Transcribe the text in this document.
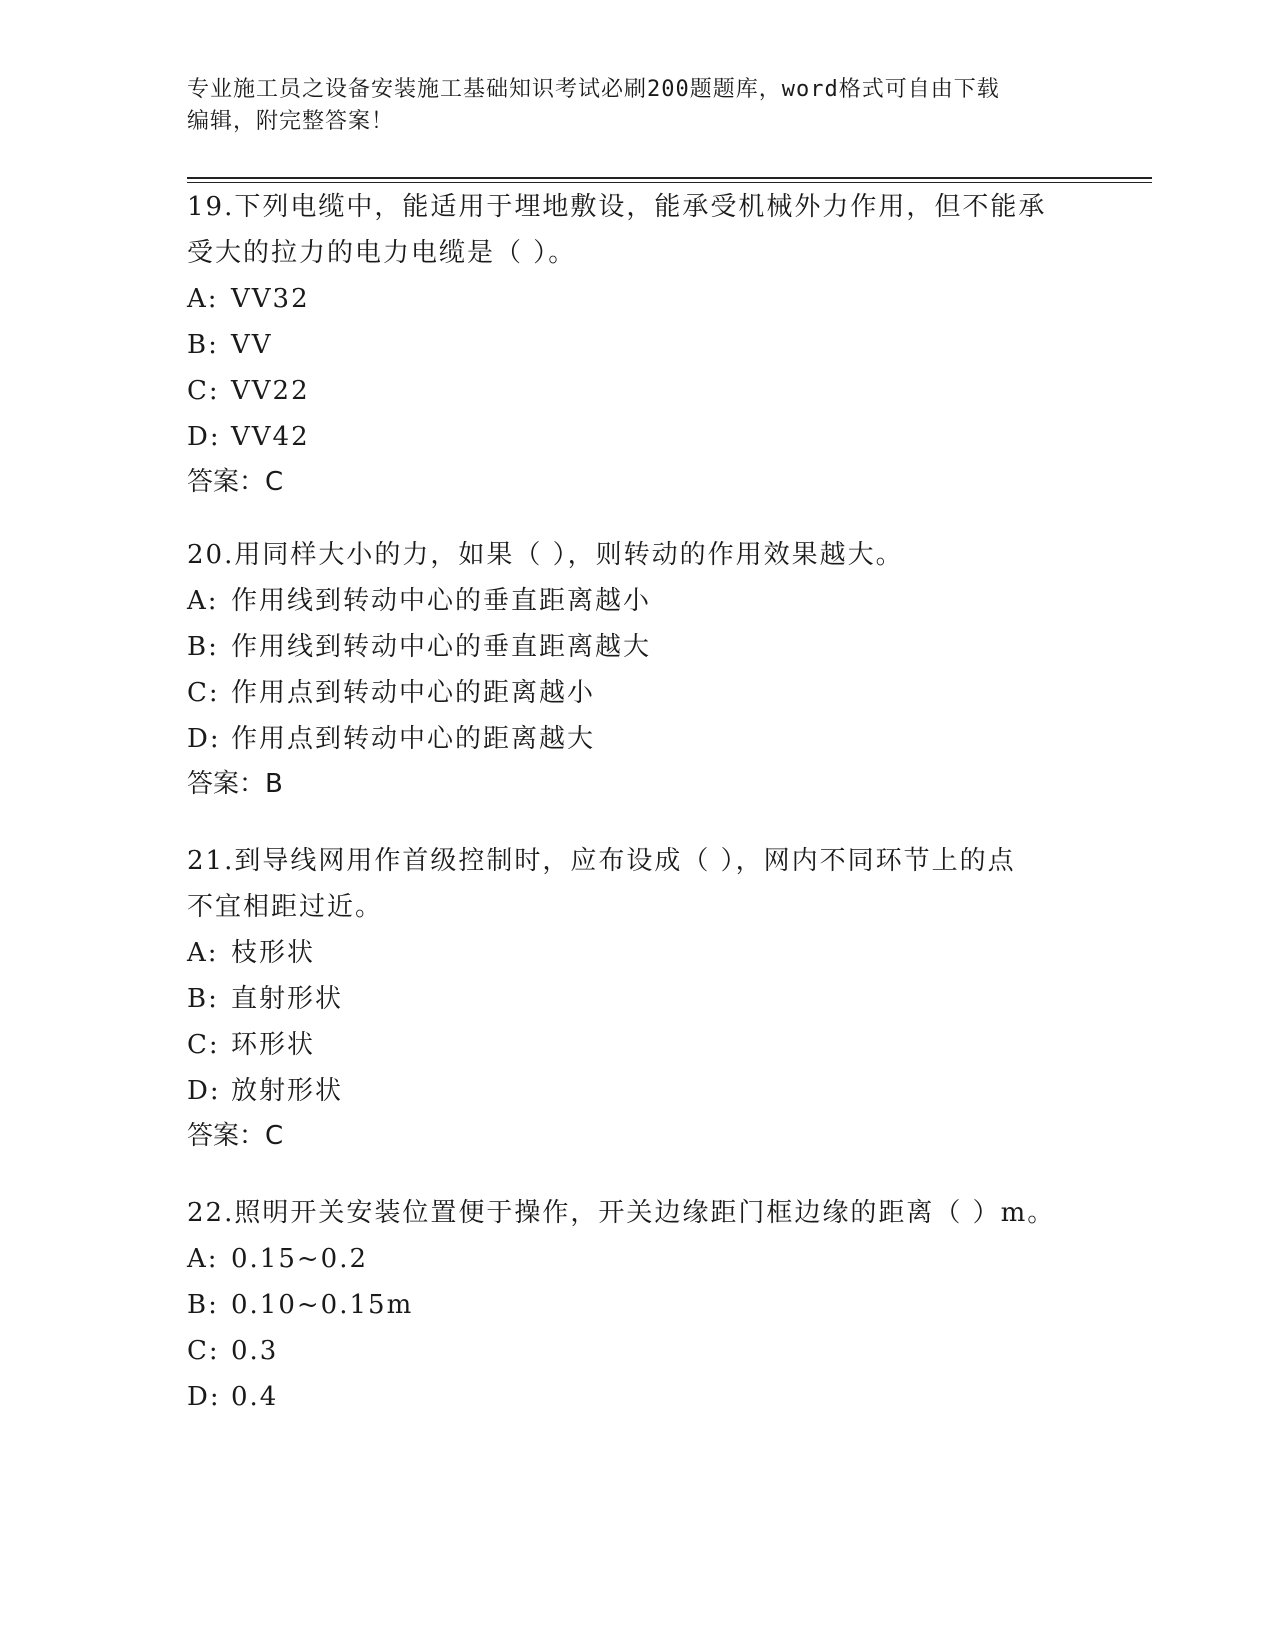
专业施工员之设备安装施工基础知识考试必刷200题题库，word格式可自由下载
编辑，附完整答案！
19.下列电缆中，能适用于埋地敷设，能承受机械外力作用，但不能承
受大的拉力的电力电缆是（ ）。
A: VV32
B: VV
C: VV22
D: VV42
答案：C
20.用同样大小的力，如果（ ），则转动的作用效果越大。
A: 作用线到转动中心的垂直距离越小
B: 作用线到转动中心的垂直距离越大
C: 作用点到转动中心的距离越小
D: 作用点到转动中心的距离越大
答案：B
21.到导线网用作首级控制时，应布设成（ ），网内不同环节上的点
不宜相距过近。
A: 枝形状
B: 直射形状
C: 环形状
D: 放射形状
答案：C
22.照明开关安装位置便于操作，开关边缘距门框边缘的距离（ ）m。
A: 0.15~0.2
B: 0.10~0.15m
C: 0.3
D: 0.4
